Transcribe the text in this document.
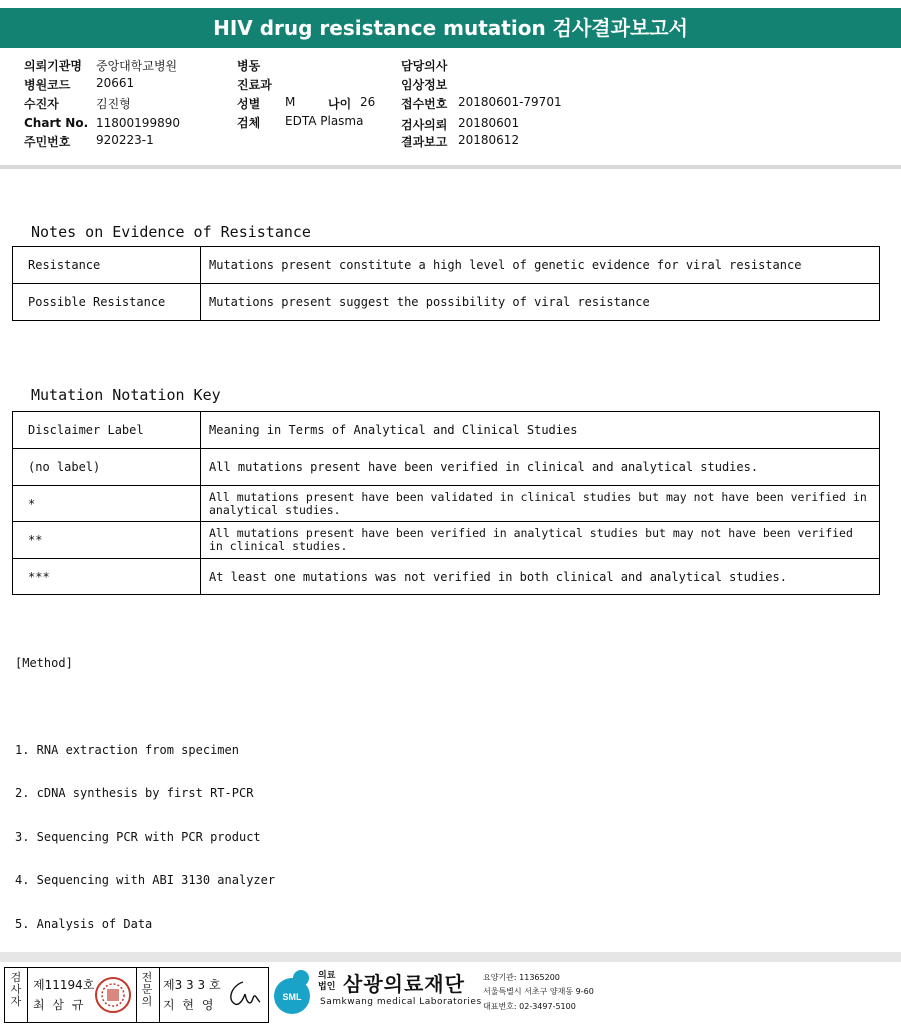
HIV drug resistance mutation 검사결과보고서
의뢰기관명 중앙대학교병원
병원코드 20661
수진자	김진형
Chart No. 11800199890
주민번호 920223-1
병동
진료과
성별 M	나이 26
검체 EDTA Plasma
담당의사
임상정보
접수번호 20180601-79701
검사의뢰 20180601
결과보고 20180612
Notes on Evidence of Resistance
Resistance	Mutations present constitute a high level of genetic evidence for viral resistance
Possible Resistance	Mutations present suggest the possibility of viral resistance
Mutation Notation Key
Disclaimer Label	Meaning in Terms of Analytical and Clinical Studies
(no label)	All mutations present have been verified in clinical and analytical studies.
*	All mutations present have been validated in clinical studies but may not have been verified in analytical studies.
**	All mutations present have been verified in analytical studies but may not have been verified in clinical studies.
***	At least one mutations was not verified in both clinical and analytical studies.

[Method]

1. RNA extraction from specimen

2. cDNA synthesis by first RT-PCR

3. Sequencing PCR with PCR product

4. Sequencing with ABI 3130 analyzer

5. Analysis of Data

검사자
제11194호
최 삼 규
전문의
제3 3 3 호
지 현 영
SML
의료법인 삼광의료재단
Samkwang medical Laboratories
요양기관: 11365200
서울특별시 서초구 양재동 9-60
대표번호: 02-3497-5100
